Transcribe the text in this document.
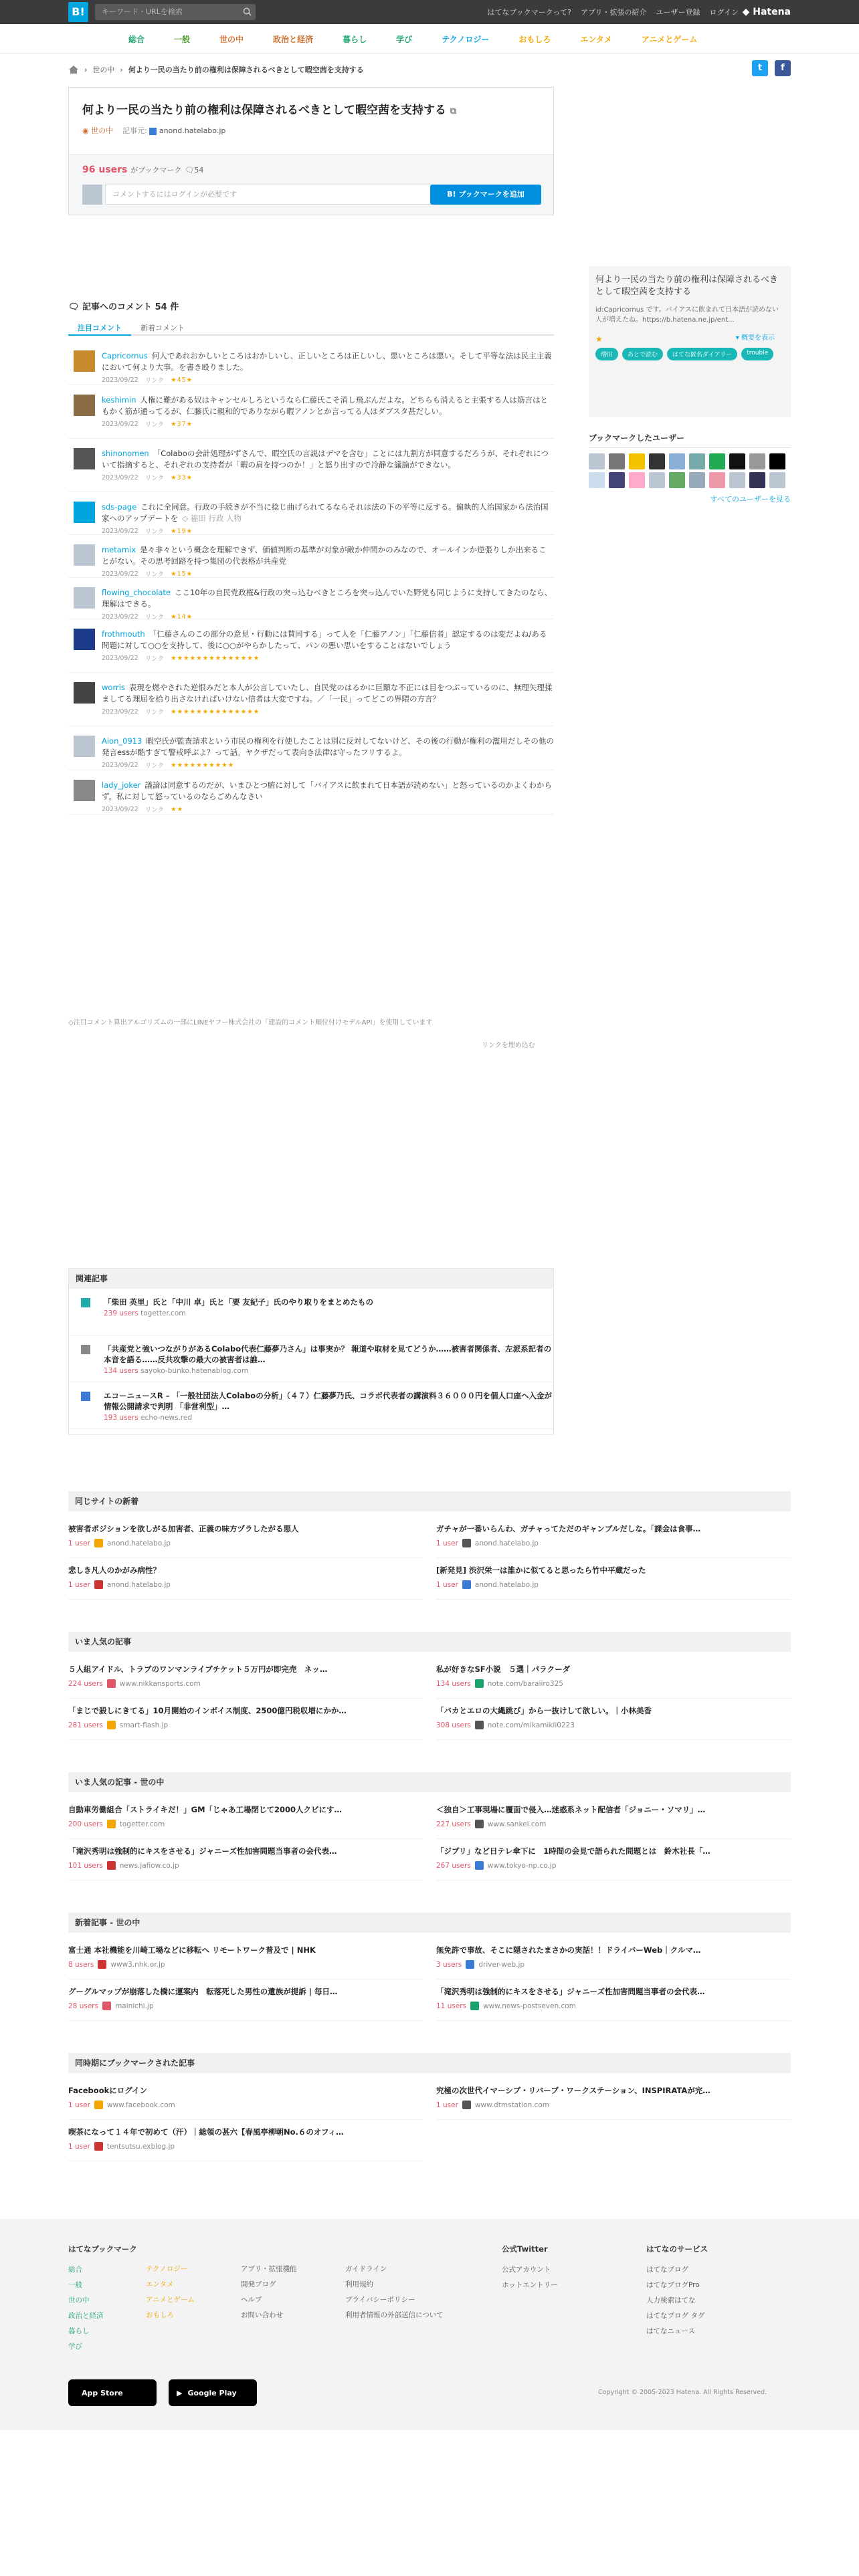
B!	キーワード・URLを検索	はてなブックマークって? アプリ・拡張の紹介 ユーザー登録 ログイン ◆ Hatena
総合	一般	世の中	政治と経済	暮らし	学び	テクノロジー	おもしろ	エンタメ	アニメとゲーム
› 世の中 › 何より一民の当たり前の権利は保障されるべきとして暇空茜を支持する	t	f
何より一民の当たり前の権利は保障されるべきとして暇空茜を支持する ⧉
◉ 世の中 記事元: anond.hatelabo.jp
96 users がブックマーク 🗨54
コメントするにはログインが必要です	B! ブックマークを追加
何より一民の当たり前の権利は保障されるべきとして暇空茜を支持する
id:Capricornus です。バイアスに飲まれて日本語が読めない人が増えたね。https://b.hatena.ne.jp/ent...
▾ 概要を表示
★
増田	あとで読む	はてな匿名ダイアリー	trouble
ブックマークしたユーザー
すべてのユーザーを見る
🗨 記事へのコメント 54 件
注目コメント	新着コメント
Capricornus 何人であれおかしいところはおかしいし、正しいところは正しいし、悪いところは悪い。そして平等な法は民主主義において何より大事。を書き殴りました。
2023/09/22 リンク ★45★
keshimin 人権に難がある奴はキャンセルしろというなら仁藤氏こそ消し飛ぶんだよな。どちらも消えると主張する人は筋言はともかく筋が通ってるが、仁藤氏に親和的でありながら暇アノンとか言ってる人はダブスタ甚だしい。
2023/09/22 リンク ★37★
shinonomen 「Colaboの会計処理がずさんで、暇空氏の言説はデマを含む」ことには九割方が同意するだろうが、それぞれについて指摘すると、それぞれの支持者が「暇の肩を持つのか！」と怒り出すので冷静な議論ができない。
2023/09/22 リンク ★33★
sds-page これに全同意。行政の手続きが不当に捻じ曲げられてるならそれは法の下の平等に反する。偏執的人治国家から法治国家へのアップデートを ◇ 福田 行政 人物
2023/09/22 リンク ★19★
metamix 是々非々という概念を理解できず、価値判断の基準が対象が敵か仲間かのみなので、オールインか逆張りしか出来ることがない。その思考回路を持つ集団の代表格が共産党
2023/09/22 リンク ★15★
flowing_chocolate ここ10年の自民党政権&行政の突っ込むべきところを突っ込んでいた野党も同じように支持してきたのなら、理解はできる。
2023/09/22 リンク ★14★
frothmouth 「仁藤さんのこの部分の意見・行動には賛同する」って人を「仁藤アノン」「仁藤信者」認定するのは変だよね/ある問題に対して○○を支持して、後に○○がやらかしたって、パンの悪い思いをすることはないでしょう
2023/09/22 リンク ★★★★★★★★★★★★★★
worris 表現を燃やされた逆恨みだと本人が公言していたし、自民党のはるかに巨額な不正には目をつぶっているのに、無理矢理揉ましてる理屈を拾り出さなければいけない信者は大変ですね。／「一民」ってどこの界隈の方言？
2023/09/22 リンク ★★★★★★★★★★★★★★
Aion_0913 暇空氏が監査請求という市民の権利を行使したことは別に反対してないけど、その後の行動が権利の濫用だしその他の発言essが酷すぎて警戒呼ぶよ？って話。ヤクザだって表向き法律は守ったフリするよ。
2023/09/22 リンク ★★★★★★★★★★
lady_joker 議論は同意するのだが、いまひとつ腑に対して「バイアスに飲まれて日本語が読めない」と怒っているのかよくわからず。私に対して怒っているのならごめんなさい
2023/09/22 リンク ★★
◇注目コメント算出アルゴリズムの一部にLINEヤフー株式会社の「建設的コメント順位付けモデルAPI」を使用しています
リンクを埋め込む
関連記事
「柴田 英里」氏と「中川 卓」氏と「要 友紀子」氏のやり取りをまとめたもの
239 users togetter.com
「共産党と強いつながりがあるColabo代表仁藤夢乃さん」は事実か？ 報道や取材を見てどうか……被害者関係者、左派系記者の本音を語る……反共攻撃の最大の被害者は誰…
134 users sayoko-bunko.hatenablog.com
エコーニュースR – 「一般社団法人Colaboの分析」（４７）仁藤夢乃氏、コラボ代表者の講演料３６０００円を個人口座へ入金が情報公開請求で判明 「非営利型」…
193 users echo-news.red
同じサイトの新着
被害者ポジションを欲しがる加害者、正義の味方ヅラしたがる悪人
1 user anond.hatelabo.jp
ガチャが一番いらんわ、ガチャってただのギャンブルだしな。「課金は食事…
1 user anond.hatelabo.jp
悲しき凡人のかがみ病性？
1 user anond.hatelabo.jp
[新発見] 渋沢栄一は誰かに似てると思ったら竹中平蔵だった
1 user anond.hatelabo.jp
いま人気の記事
５人組アイドル、トラブのワンマンライブチケット５万円が即完売　ネッ…
224 users www.nikkansports.com
私が好きなSF小説　５選｜パラクーダ
134 users note.com/baraiiro325
「まじで殺しにきてる」10月開始のインボイス制度、2500億円税収増にかか…
281 users smart-flash.jp
「バカとエロの大縄跳び」から一抜けして欲しい。｜小林美香
308 users note.com/mikamikli0223
いま人気の記事 - 世の中
自動車労働組合「ストライキだ！」GM「じゃあ工場閉じて2000人クビにす…
200 users togetter.com
＜独自＞工事現場に覆面で侵入…迷惑系ネット配信者「ジョニー・ソマリ」…
227 users www.sankei.com
「滝沢秀明は強制的にキスをさせる」ジャニーズ性加害問題当事者の会代表…
101 users news.jafiow.co.jp
「ジブリ」など日テレ傘下に　1時間の会見で語られた問題とは　鈴木社長「…
267 users www.tokyo-np.co.jp
新着記事 - 世の中
富士通 本社機能を川崎工場などに移転へ リモートワーク普及で | NHK
8 users www3.nhk.or.jp
無免許で事故、そこに隠されたまさかの実話！！ドライバーWeb｜クルマ…
3 users driver-web.jp
グーグルマップが崩落した橋に運案内　転落死した男性の遺族が提訴 | 毎日…
28 users mainichi.jp
「滝沢秀明は強制的にキスをさせる」ジャニーズ性加害問題当事者の会代表…
11 users www.news-postseven.com
同時期にブックマークされた記事
Facebookにログイン
1 user www.facebook.com
究極の次世代イマーシブ・リバーブ・ワークステーション、INSPIRATAが完…
1 user www.dtmstation.com
喫茶になって１４年で初めて（汗）｜総領の甚六【春風亭柳朝No.６のオフィ…
1 user tentsutsu.exblog.jp
はてなブックマーク
総合
一般
世の中
政治と経済
暮らし
学び
テクノロジー
エンタメ
アニメとゲーム
おもしろ
アプリ・拡張機能
開発ブログ
ヘルプ
お問い合わせ
ガイドライン
利用規約
プライバシーポリシー
利用者情報の外部送信について
公式Twitter
公式アカウント
ホットエントリー
はてなのサービス
はてなブログ
はてなブログPro
人力検索はてな
はてなブログ タグ
はてなニュース
App Store	▶ Google Play	Copyright © 2005-2023 Hatena. All Rights Reserved.
